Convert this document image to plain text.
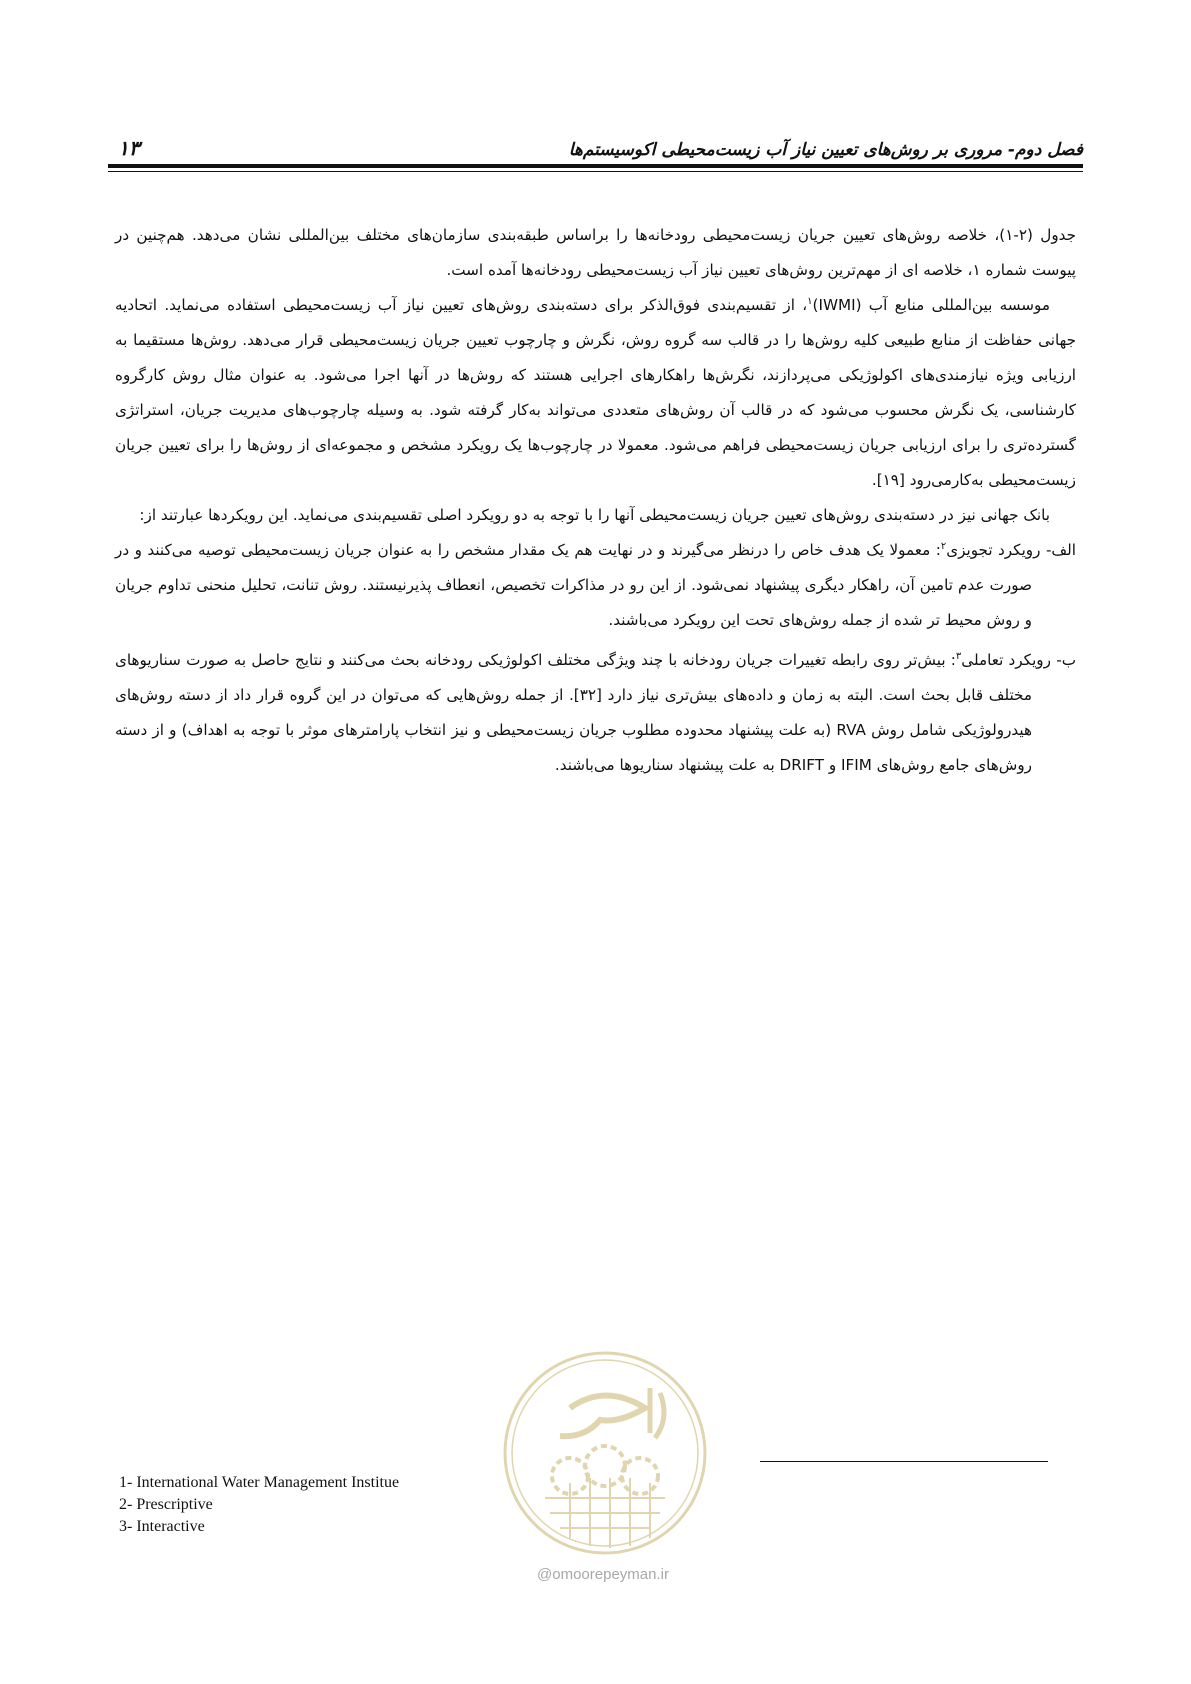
۱۳	فصل دوم- مروری بر روش‌های تعیین نیاز آب زیست‌محیطی اکوسیستم‌ها

جدول (۲-۱)، خلاصه روش‌های تعیین جریان زیست‌محیطی رودخانه‌ها را براساس طبقه‌بندی سازمان‌های مختلف بین‌المللی نشان می‌دهد. هم‌چنین در پیوست شماره ۱، خلاصه ای از مهم‌ترین روش‌های تعیین نیاز آب زیست‌محیطی رودخانه‌ها آمده است.

موسسه بین‌المللی منابع آب (IWMI)$^۱$، از تقسیم‌بندی فوق‌الذکر برای دسته‌بندی روش‌های تعیین نیاز آب زیست‌محیطی استفاده می‌نماید. اتحادیه جهانی حفاظت از منابع طبیعی کلیه روش‌ها را در قالب سه گروه روش، نگرش و چارچوب تعیین جریان زیست‌محیطی قرار می‌دهد. روش‌ها مستقیما به ارزیابی ویژه نیازمندی‌های اکولوژیکی می‌پردازند، نگرش‌ها راهکارهای اجرایی هستند که روش‌ها در آنها اجرا می‌شود. به عنوان مثال روش کارگروه کارشناسی، یک نگرش محسوب می‌شود که در قالب آن روش‌های متعددی می‌تواند به‌کار گرفته شود. به وسیله چارچوب‌های مدیریت جریان، استراتژی گسترده‌تری را برای ارزیابی جریان زیست‌محیطی فراهم می‌شود. معمولا در چارچوب‌ها یک رویکرد مشخص و مجموعه‌ای از روش‌ها را برای تعیین جریان زیست‌محیطی به‌کارمی‌رود [۱۹].

بانک جهانی نیز در دسته‌بندی روش‌های تعیین جریان زیست‌محیطی آنها را با توجه به دو رویکرد اصلی تقسیم‌بندی می‌نماید. این رویکردها عبارتند از:

الف- رویکرد تجویزی$^۲$: معمولا یک هدف خاص را درنظر می‌گیرند و در نهایت هم یک مقدار مشخص را به عنوان جریان زیست‌محیطی توصیه می‌کنند و در صورت عدم تامین آن، راهکار دیگری پیشنهاد نمی‌شود. از این رو در مذاکرات تخصیص، انعطاف پذیرنیستند. روش تنانت، تحلیل منحنی تداوم جریان و روش محیط تر شده از جمله روش‌های تحت این رویکرد می‌باشند.

ب- رویکرد تعاملی$^۳$: بیش‌تر روی رابطه تغییرات جریان رودخانه با چند ویژگی مختلف اکولوژیکی رودخانه بحث می‌کنند و نتایج حاصل به صورت سناریوهای مختلف قابل بحث است. البته به زمان و داده‌های بیش‌تری نیاز دارد [۳۲]. از جمله روش‌هایی که می‌توان در این گروه قرار داد از دسته روش‌های هیدرولوژیکی شامل روش RVA (به علت پیشنهاد محدوده مطلوب جریان زیست‌محیطی و نیز انتخاب پارامترهای موثر با توجه به اهداف) و از دسته روش‌های جامع روش‌های IFIM و DRIFT به علت پیشنهاد سناریوها می‌باشند.

@omoorepeyman.ir
1- International Water Management Institue
2- Prescriptive
3- Interactive
